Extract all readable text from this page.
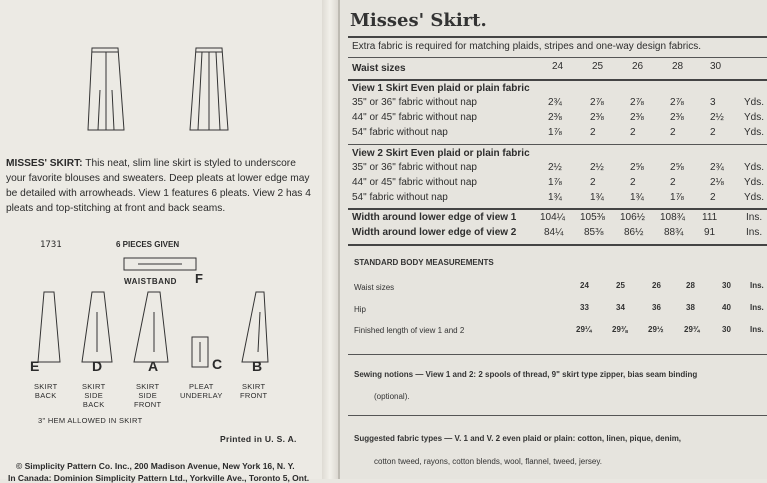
MISSES' SKIRT: This neat, slim line skirt is styled to underscore your favorite blouses and sweaters. Deep pleats at lower edge may be detailed with arrowheads. View 1 features 6 pleats. View 2 has 4 pleats and top-stitching at front and back seams.
1731	6 PIECES GIVEN
WAISTBAND F
E	D	A	C B
SKIRT
BACK
SKIRT
SIDE
BACK
SKIRT
SIDE
FRONT
PLEAT
UNDERLAY
SKIRT
FRONT
3" HEM ALLOWED IN SKIRT
Printed in U. S. A.
© Simplicity Pattern Co. Inc., 200 Madison Avenue, New York 16, N. Y.
In Canada: Dominion Simplicity Pattern Ltd., Yorkville Ave., Toronto 5, Ont.
Misses' Skirt.
Extra fabric is required for matching plaids, stripes and one-way design fabrics.
Waist sizes	24	25	26	28	30
View 1 Skirt Even plaid or plain fabric
35" or 36" fabric without nap	2¾	2⅞	2⅞	2⅞	3	Yds.
44" or 45" fabric without nap	2⅜	2⅜	2⅜	2⅜	2½ Yds.
54" fabric without nap	1⅞	2	2	2	2	Yds.
View 2 Skirt Even plaid or plain fabric
35" or 36" fabric without nap	2½	2½	2⅝	2⅝	2¾ Yds.
44" or 45" fabric without nap	1⅞	2	2	2	2⅛ Yds.
54" fabric without nap	1¾	1¾	1¾	1⅞	2	Yds.
Width around lower edge of view 1 104¼ 105⅜ 106½ 108¾ 111	Ins.
Width around lower edge of view 2	84¼ 85⅜ 86½ 88¾ 91	Ins.
STANDARD BODY MEASUREMENTS
Waist sizes	24	25	26	28	30 Ins.
Hip	33	34	36	38	40 Ins.
Finished length of view 1 and 2	29¼	29⅜	29½	29¾	30 Ins.
Sewing notions — View 1 and 2: 2 spools of thread, 9" skirt type zipper, bias seam binding
(optional).
Suggested fabric types — V. 1 and V. 2 even plaid or plain: cotton, linen, pique, denim,
cotton tweed, rayons, cotton blends, wool, flannel, tweed, jersey.
